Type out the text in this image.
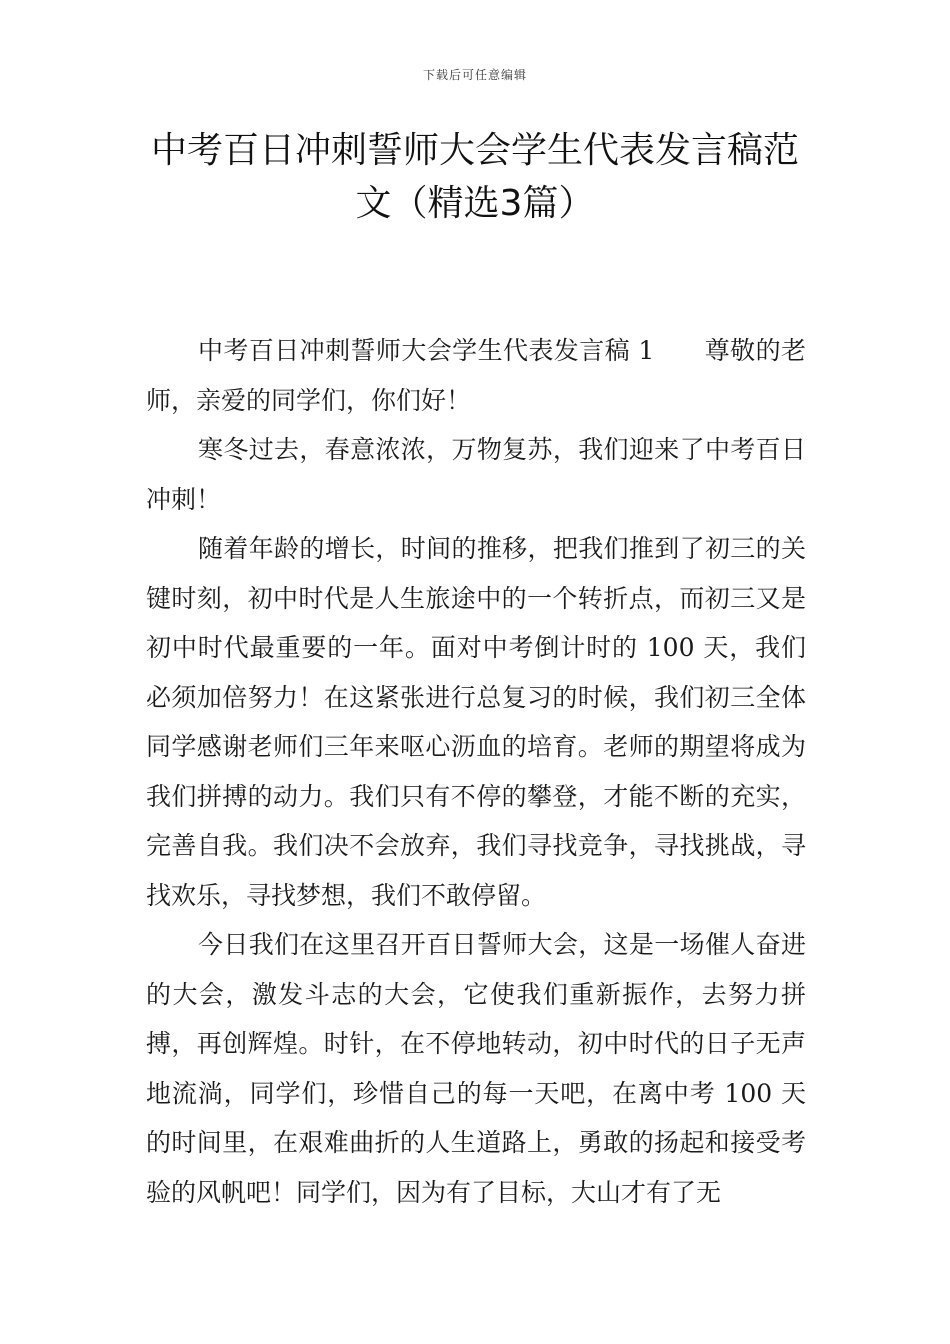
下载后可任意编辑
中考百日冲刺誓师大会学生代表发言稿范文（精选3篇）

中考百日冲刺誓师大会学生代表发言稿 1 尊敬的老师，亲爱的同学们，你们好！

寒冬过去，春意浓浓，万物复苏，我们迎来了中考百日冲刺！

随着年龄的增长，时间的推移，把我们推到了初三的关键时刻，初中时代是人生旅途中的一个转折点，而初三又是初中时代最重要的一年。面对中考倒计时的 100 天，我们必须加倍努力！在这紧张进行总复习的时候，我们初三全体同学感谢老师们三年来呕心沥血的培育。老师的期望将成为我们拼搏的动力。我们只有不停的攀登，才能不断的充实，完善自我。我们决不会放弃，我们寻找竞争，寻找挑战，寻找欢乐，寻找梦想，我们不敢停留。

今日我们在这里召开百日誓师大会，这是一场催人奋进的大会，激发斗志的大会，它使我们重新振作，去努力拼搏，再创辉煌。时针，在不停地转动，初中时代的日子无声地流淌，同学们，珍惜自己的每一天吧，在离中考 100 天的时间里，在艰难曲折的人生道路上，勇敢的扬起和接受考验的风帆吧！同学们，因为有了目标，大山才有了无
